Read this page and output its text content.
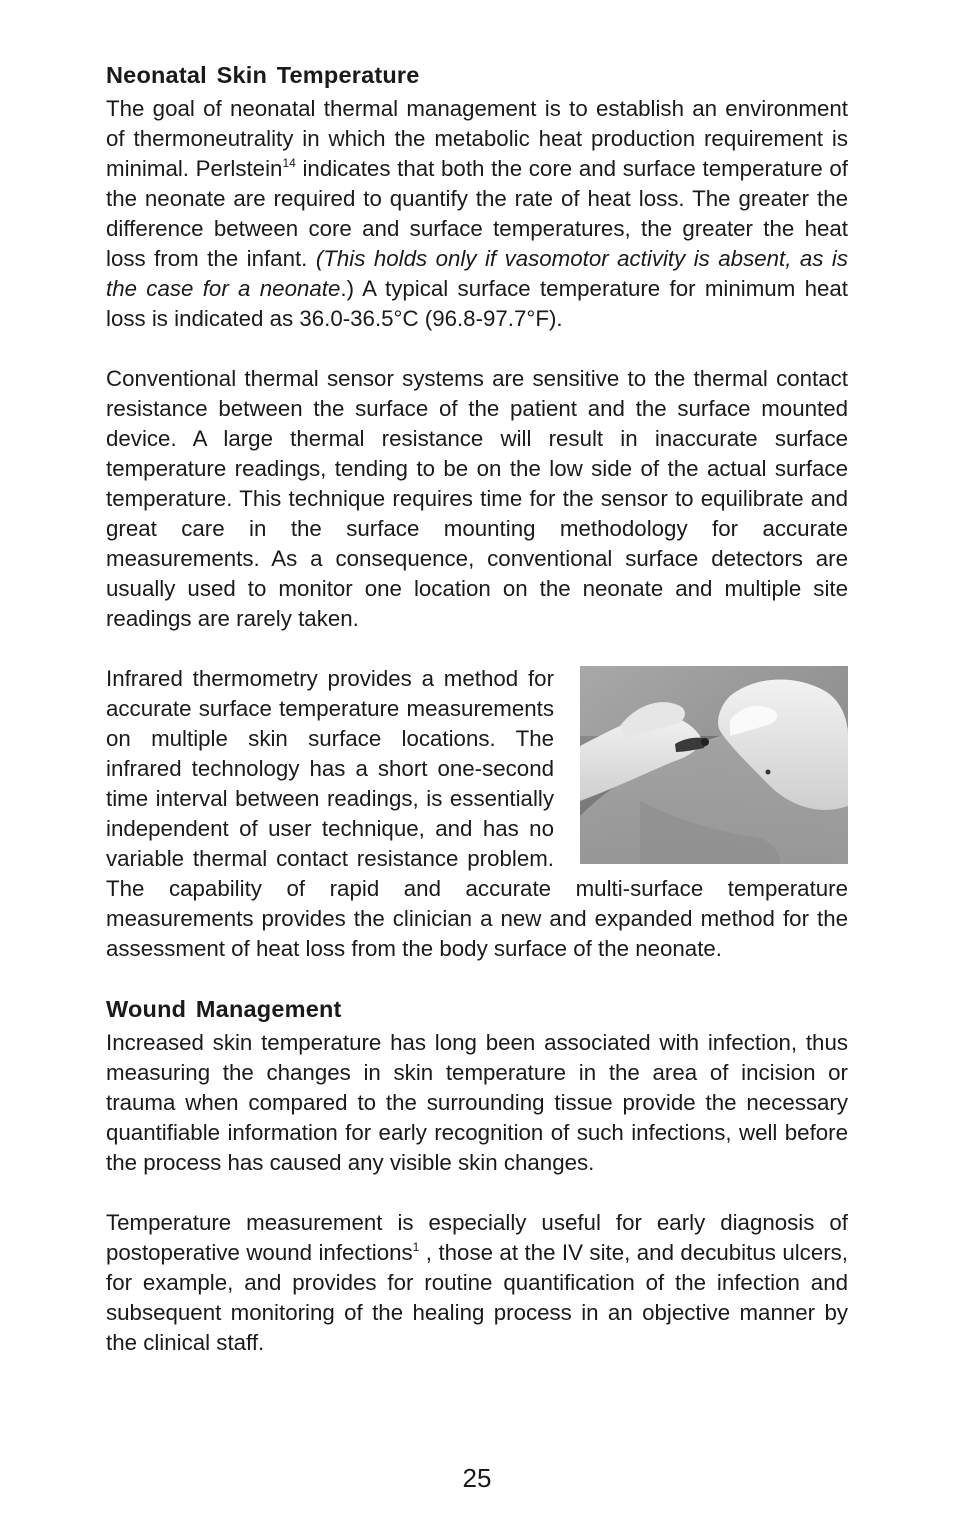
Neonatal Skin Temperature

The goal of neonatal thermal management is to establish an environment of thermoneutrality in which the metabolic heat production requirement is minimal. Perlstein$^{14}$ indicates that both the core and surface temperature of the neonate are required to quantify the rate of heat loss. The greater the difference between core and surface temperatures, the greater the heat loss from the infant. (This holds only if vasomotor activity is absent, as is the case for a neonate.) A typical surface temperature for minimum heat loss is indicated as 36.0-36.5°C (96.8-97.7°F).

Conventional thermal sensor systems are sensitive to the thermal contact resistance between the surface of the patient and the surface mounted device. A large thermal resistance will result in inaccurate surface temperature readings, tending to be on the low side of the actual surface temperature. This technique requires time for the sensor to equilibrate and great care in the surface mounting methodology for accurate measurements. As a consequence, conventional surface detectors are usually used to monitor one location on the neonate and multiple site readings are rarely taken.

Infrared thermometry provides a method for accurate surface temperature measurements on multiple skin surface locations. The infrared technology has a short one-second time interval between readings, is essentially independent of user technique, and has no variable thermal contact resistance problem. The capability of rapid and accurate multi-surface temperature measurements provides the clinician a new and expanded method for the assessment of heat loss from the body surface of the neonate.

Wound Management

Increased skin temperature has long been associated with infection, thus measuring the changes in skin temperature in the area of incision or trauma when compared to the surrounding tissue provide the necessary quantifiable information for early recognition of such infections, well before the process has caused any visible skin changes.

Temperature measurement is especially useful for early diagnosis of postoperative wound infections$^1$ , those at the IV site, and decubitus ulcers, for example, and provides for routine quantification of the infection and subsequent monitoring of the healing process in an objective manner by the clinical staff.

25
